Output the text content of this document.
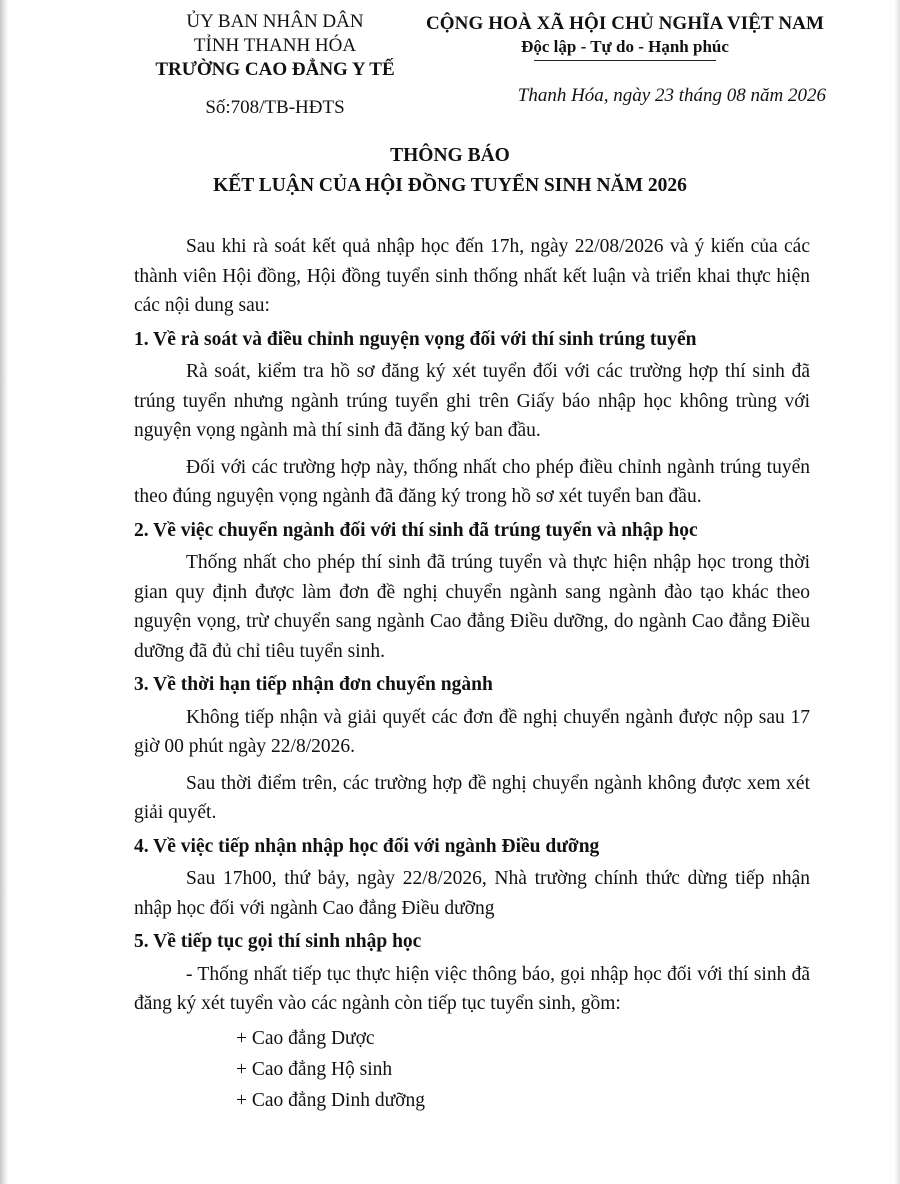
ỦY BAN NHÂN DÂN
TỈNH THANH HÓA
TRƯỜNG CAO ĐẲNG Y TẾ
Số:708/TB-HĐTS
CỘNG HOÀ XÃ HỘI CHỦ NGHĨA VIỆT NAM
Độc lập - Tự do - Hạnh phúc
Thanh Hóa, ngày 23 tháng 08 năm 2026
THÔNG BÁO
KẾT LUẬN CỦA HỘI ĐỒNG TUYỂN SINH NĂM 2026

Sau khi rà soát kết quả nhập học đến 17h, ngày 22/08/2026 và ý kiến của các thành viên Hội đồng, Hội đồng tuyển sinh thống nhất kết luận và triển khai thực hiện các nội dung sau:

1. Về rà soát và điều chỉnh nguyện vọng đối với thí sinh trúng tuyển

Rà soát, kiểm tra hồ sơ đăng ký xét tuyển đối với các trường hợp thí sinh đã trúng tuyển nhưng ngành trúng tuyển ghi trên Giấy báo nhập học không trùng với nguyện vọng ngành mà thí sinh đã đăng ký ban đầu.

Đối với các trường hợp này, thống nhất cho phép điều chỉnh ngành trúng tuyển theo đúng nguyện vọng ngành đã đăng ký trong hồ sơ xét tuyển ban đầu.

2. Về việc chuyển ngành đối với thí sinh đã trúng tuyển và nhập học

Thống nhất cho phép thí sinh đã trúng tuyển và thực hiện nhập học trong thời gian quy định được làm đơn đề nghị chuyển ngành sang ngành đào tạo khác theo nguyện vọng, trừ chuyển sang ngành Cao đẳng Điều dưỡng, do ngành Cao đẳng Điều dưỡng đã đủ chỉ tiêu tuyển sinh.

3. Về thời hạn tiếp nhận đơn chuyển ngành

Không tiếp nhận và giải quyết các đơn đề nghị chuyển ngành được nộp sau 17 giờ 00 phút ngày 22/8/2026.

Sau thời điểm trên, các trường hợp đề nghị chuyển ngành không được xem xét giải quyết.

4. Về việc tiếp nhận nhập học đối với ngành Điều dưỡng

Sau 17h00, thứ bảy, ngày 22/8/2026, Nhà trường chính thức dừng tiếp nhận nhập học đối với ngành Cao đẳng Điều dưỡng

5. Về tiếp tục gọi thí sinh nhập học

- Thống nhất tiếp tục thực hiện việc thông báo, gọi nhập học đối với thí sinh đã đăng ký xét tuyển vào các ngành còn tiếp tục tuyển sinh, gồm:

+ Cao đẳng Dược
+ Cao đẳng Hộ sinh
+ Cao đẳng Dinh dưỡng
